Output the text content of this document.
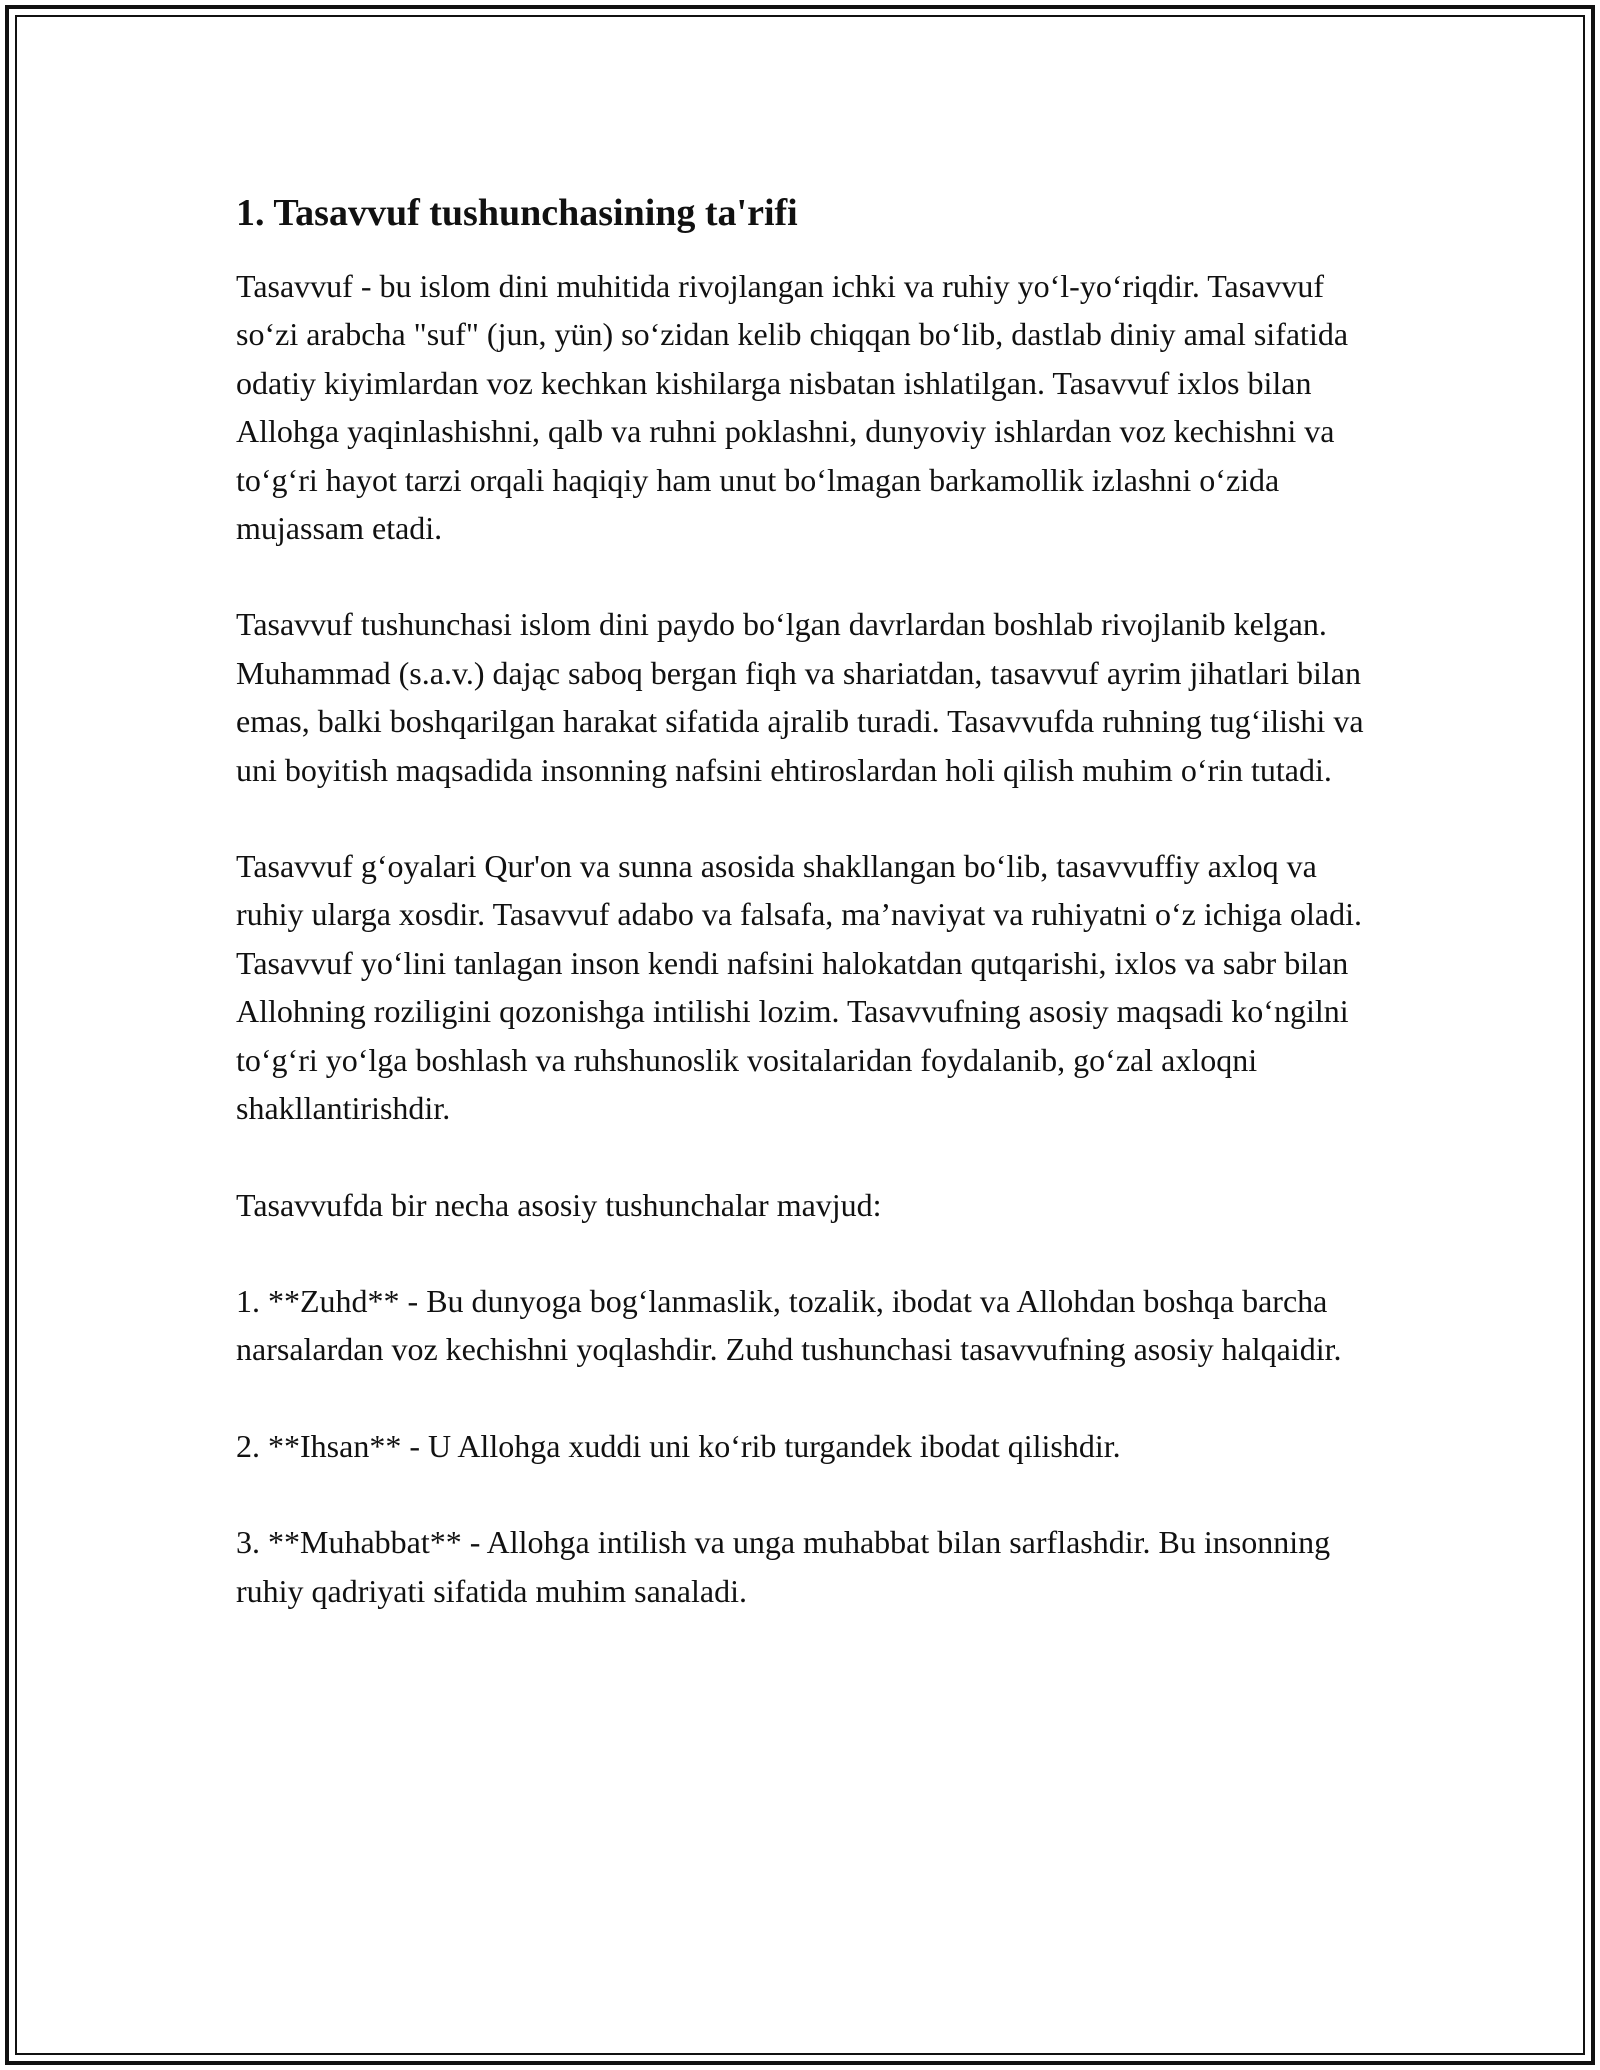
1. Tasavvuf tushunchasining ta'rifi

Tasavvuf - bu islom dini muhitida rivojlangan ichki va ruhiy yoʻl-yoʻriqdir. Tasavvuf soʻzi arabcha "suf" (jun, yün) soʻzidan kelib chiqqan boʻlib, dastlab diniy amal sifatida odatiy kiyimlardan voz kechkan kishilarga nisbatan ishlatilgan. Tasavvuf ixlos bilan Allohga yaqinlashishni, qalb va ruhni poklashni, dunyoviy ishlardan voz kechishni va toʻgʻri hayot tarzi orqali haqiqiy ham unut boʻlmagan barkamollik izlashni oʻzida mujassam etadi.

Tasavvuf tushunchasi islom dini paydo boʻlgan davrlardan boshlab rivojlanib kelgan. Muhammad (s.a.v.) dając saboq bergan fiqh va shariatdan, tasavvuf ayrim jihatlari bilan emas, balki boshqarilgan harakat sifatida ajralib turadi. Tasavvufda ruhning tugʻilishi va uni boyitish maqsadida insonning nafsini ehtiroslardan holi qilish muhim oʻrin tutadi.

Tasavvuf gʻoyalari Qur'on va sunna asosida shakllangan boʻlib, tasavvuffiy axloq va ruhiy ularga xosdir. Tasavvuf adabo va falsafa, ma’naviyat va ruhiyatni oʻz ichiga oladi. Tasavvuf yoʻlini tanlagan inson kendi nafsini halokatdan qutqarishi, ixlos va sabr bilan Allohning roziligini qozonishga intilishi lozim. Tasavvufning asosiy maqsadi koʻngilni toʻgʻri yoʻlga boshlash va ruhshunoslik vositalaridan foydalanib, goʻzal axloqni shakllantirishdir.

Tasavvufda bir necha asosiy tushunchalar mavjud:

1. **Zuhd** - Bu dunyoga bogʻlanmaslik, tozalik, ibodat va Allohdan boshqa barcha narsalardan voz kechishni yoqlashdir. Zuhd tushunchasi tasavvufning asosiy halqaidir.

2. **Ihsan** - U Allohga xuddi uni koʻrib turgandek ibodat qilishdir.

3. **Muhabbat** - Allohga intilish va unga muhabbat bilan sarflashdir. Bu insonning ruhiy qadriyati sifatida muhim sanaladi.
